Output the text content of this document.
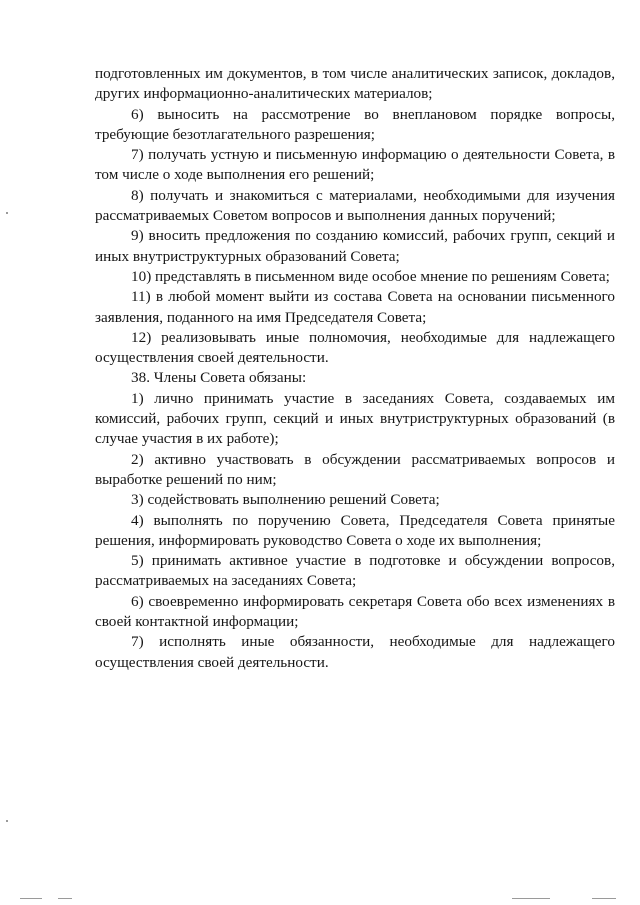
подготовленных им документов, в том числе аналитических записок, докладов, других информационно-аналитических материалов;

6) выносить на рассмотрение во внеплановом порядке вопросы, требующие безотлагательного разрешения;

7) получать устную и письменную информацию о деятельности Совета, в том числе о ходе выполнения его решений;

8) получать и знакомиться с материалами, необходимыми для изучения рассматриваемых Советом вопросов и выполнения данных поручений;

9) вносить предложения по созданию комиссий, рабочих групп, секций и иных внутриструктурных образований Совета;

10) представлять в письменном виде особое мнение по решениям Совета;

11) в любой момент выйти из состава Совета на основании письменного заявления, поданного на имя Председателя Совета;

12) реализовывать иные полномочия, необходимые для надлежащего осуществления своей деятельности.

38. Члены Совета обязаны:

1) лично принимать участие в заседаниях Совета, создаваемых им комиссий, рабочих групп, секций и иных внутриструктурных образований (в случае участия в их работе);

2) активно участвовать в обсуждении рассматриваемых вопросов и выработке решений по ним;

3) содействовать выполнению решений Совета;

4) выполнять по поручению Совета, Председателя Совета принятые решения, информировать руководство Совета о ходе их выполнения;

5) принимать активное участие в подготовке и обсуждении вопросов, рассматриваемых на заседаниях Совета;

6) своевременно информировать секретаря Совета обо всех изменениях в своей контактной информации;

7) исполнять иные обязанности, необходимые для надлежащего осуществления своей деятельности.
